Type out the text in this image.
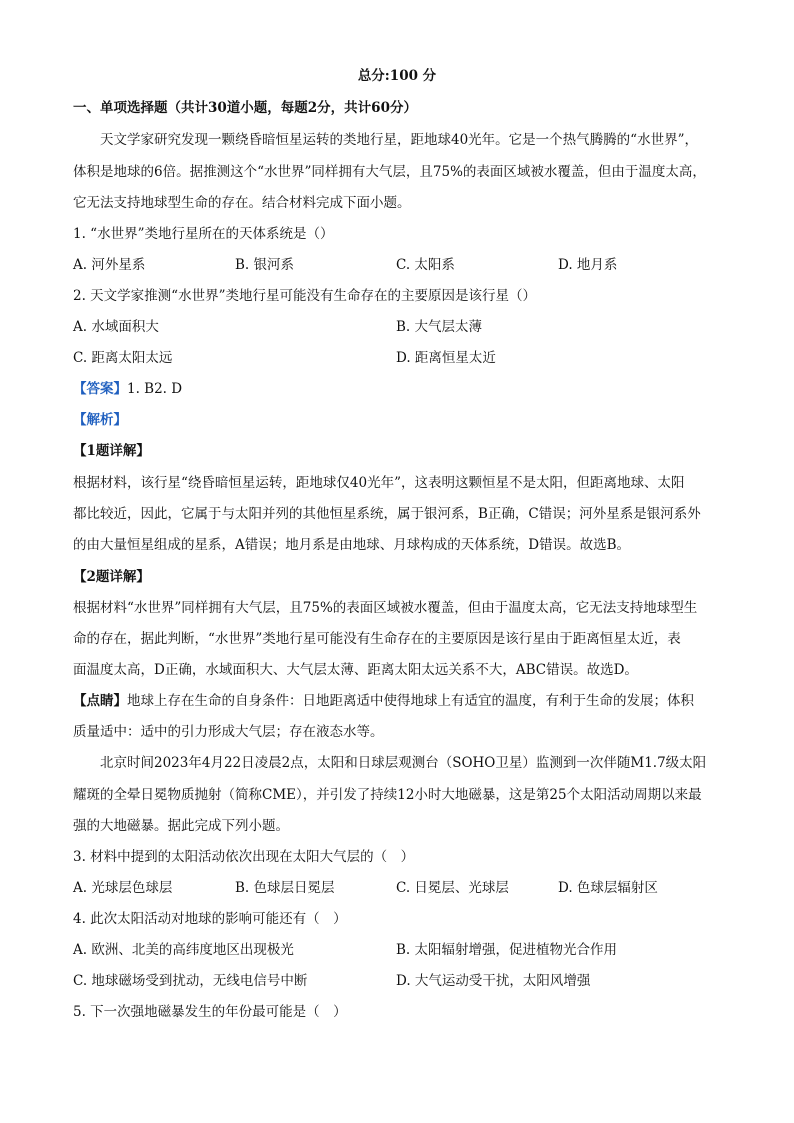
总分:100 分
一、单项选择题（共计30道小题，每题2分，共计60分）
天文学家研究发现一颗绕昏暗恒星运转的类地行星，距地球40光年。它是一个热气腾腾的“水世界”，
体积是地球的6倍。据推测这个“水世界”同样拥有大气层，且75%的表面区域被水覆盖，但由于温度太高，
它无法支持地球型生命的存在。结合材料完成下面小题。
1. “水世界”类地行星所在的天体系统是（）
A. 河外星系	B. 银河系	C. 太阳系	D. 地月系
2. 天文学家推测“水世界”类地行星可能没有生命存在的主要原因是该行星（）
A. 水域面积大	B. 大气层太薄
C. 距离太阳太远	D. 距离恒星太近
【答案】1. B2. D
【解析】
【1题详解】
根据材料，该行星“绕昏暗恒星运转，距地球仅40光年”，这表明这颗恒星不是太阳，但距离地球、太阳
都比较近，因此，它属于与太阳并列的其他恒星系统，属于银河系，B正确，C错误；河外星系是银河系外
的由大量恒星组成的星系，A错误；地月系是由地球、月球构成的天体系统，D错误。故选B。
【2题详解】
根据材料“水世界”同样拥有大气层，且75%的表面区域被水覆盖，但由于温度太高，它无法支持地球型生
命的存在，据此判断，“水世界”类地行星可能没有生命存在的主要原因是该行星由于距离恒星太近，表
面温度太高，D正确，水域面积大、大气层太薄、距离太阳太远关系不大，ABC错误。故选D。
【点睛】地球上存在生命的自身条件：日地距离适中使得地球上有适宜的温度，有利于生命的发展；体积
质量适中：适中的引力形成大气层；存在液态水等。
北京时间2023年4月22日凌晨2点，太阳和日球层观测台（SOHO卫星）监测到一次伴随M1.7级太阳
耀斑的全晕日冕物质抛射（简称CME），并引发了持续12小时大地磁暴，这是第25个太阳活动周期以来最
强的大地磁暴。据此完成下列小题。
3. 材料中提到的太阳活动依次出现在太阳大气层的（　）
A. 光球层色球层	B. 色球层日冕层	C. 日冕层、光球层	D. 色球层辐射区
4. 此次太阳活动对地球的影响可能还有（　）
A. 欧洲、北美的高纬度地区出现极光	B. 太阳辐射增强，促进植物光合作用
C. 地球磁场受到扰动，无线电信号中断	D. 大气运动受干扰，太阳风增强
5. 下一次强地磁暴发生的年份最可能是（　）
